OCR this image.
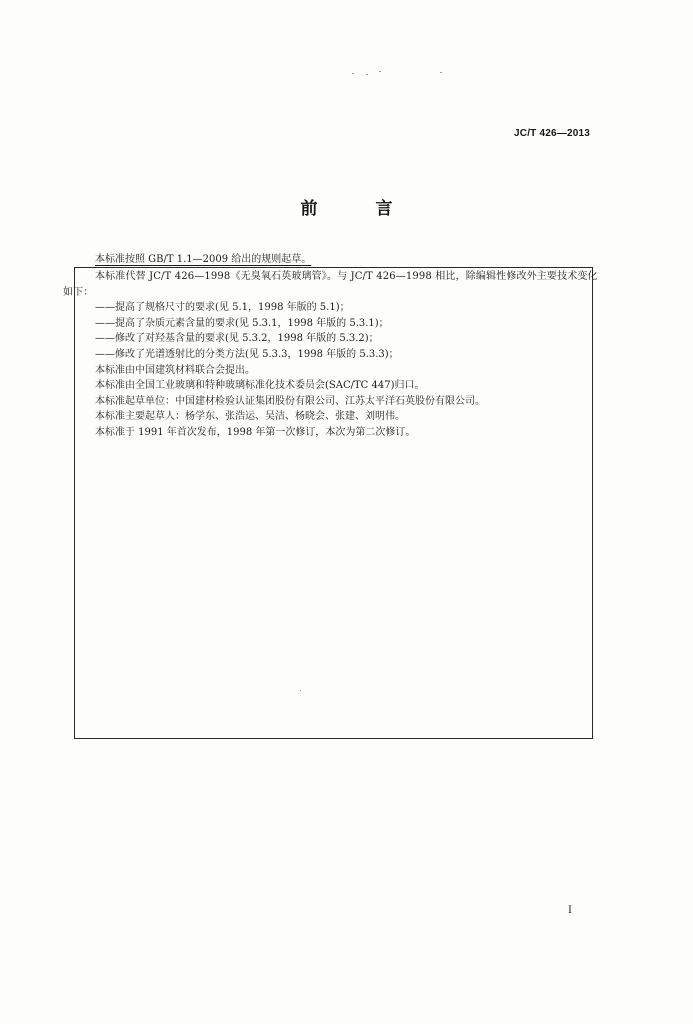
JC/T 426—2013
前 言
本标准按照 GB/T 1.1—2009 给出的规则起草。

本标准代替 JC/T 426—1998《无臭氧石英玻璃管》。与 JC/T 426—1998 相比，除编辑性修改外主要技术变化如下：

——提高了规格尺寸的要求(见 5.1，1998 年版的 5.1)；

——提高了杂质元素含量的要求(见 5.3.1，1998 年版的 5.3.1)；

——修改了对羟基含量的要求(见 5.3.2，1998 年版的 5.3.2)；

——修改了光谱透射比的分类方法(见 5.3.3，1998 年版的 5.3.3)；

本标准由中国建筑材料联合会提出。

本标准由全国工业玻璃和特种玻璃标准化技术委员会(SAC/TC 447)归口。

本标准起草单位：中国建材检验认证集团股份有限公司、江苏太平洋石英股份有限公司。

本标准主要起草人：杨学东、张浩运、吴洁、杨晓会、张建、刘明伟。

本标准于 1991 年首次发布，1998 年第一次修订，本次为第二次修订。

I
